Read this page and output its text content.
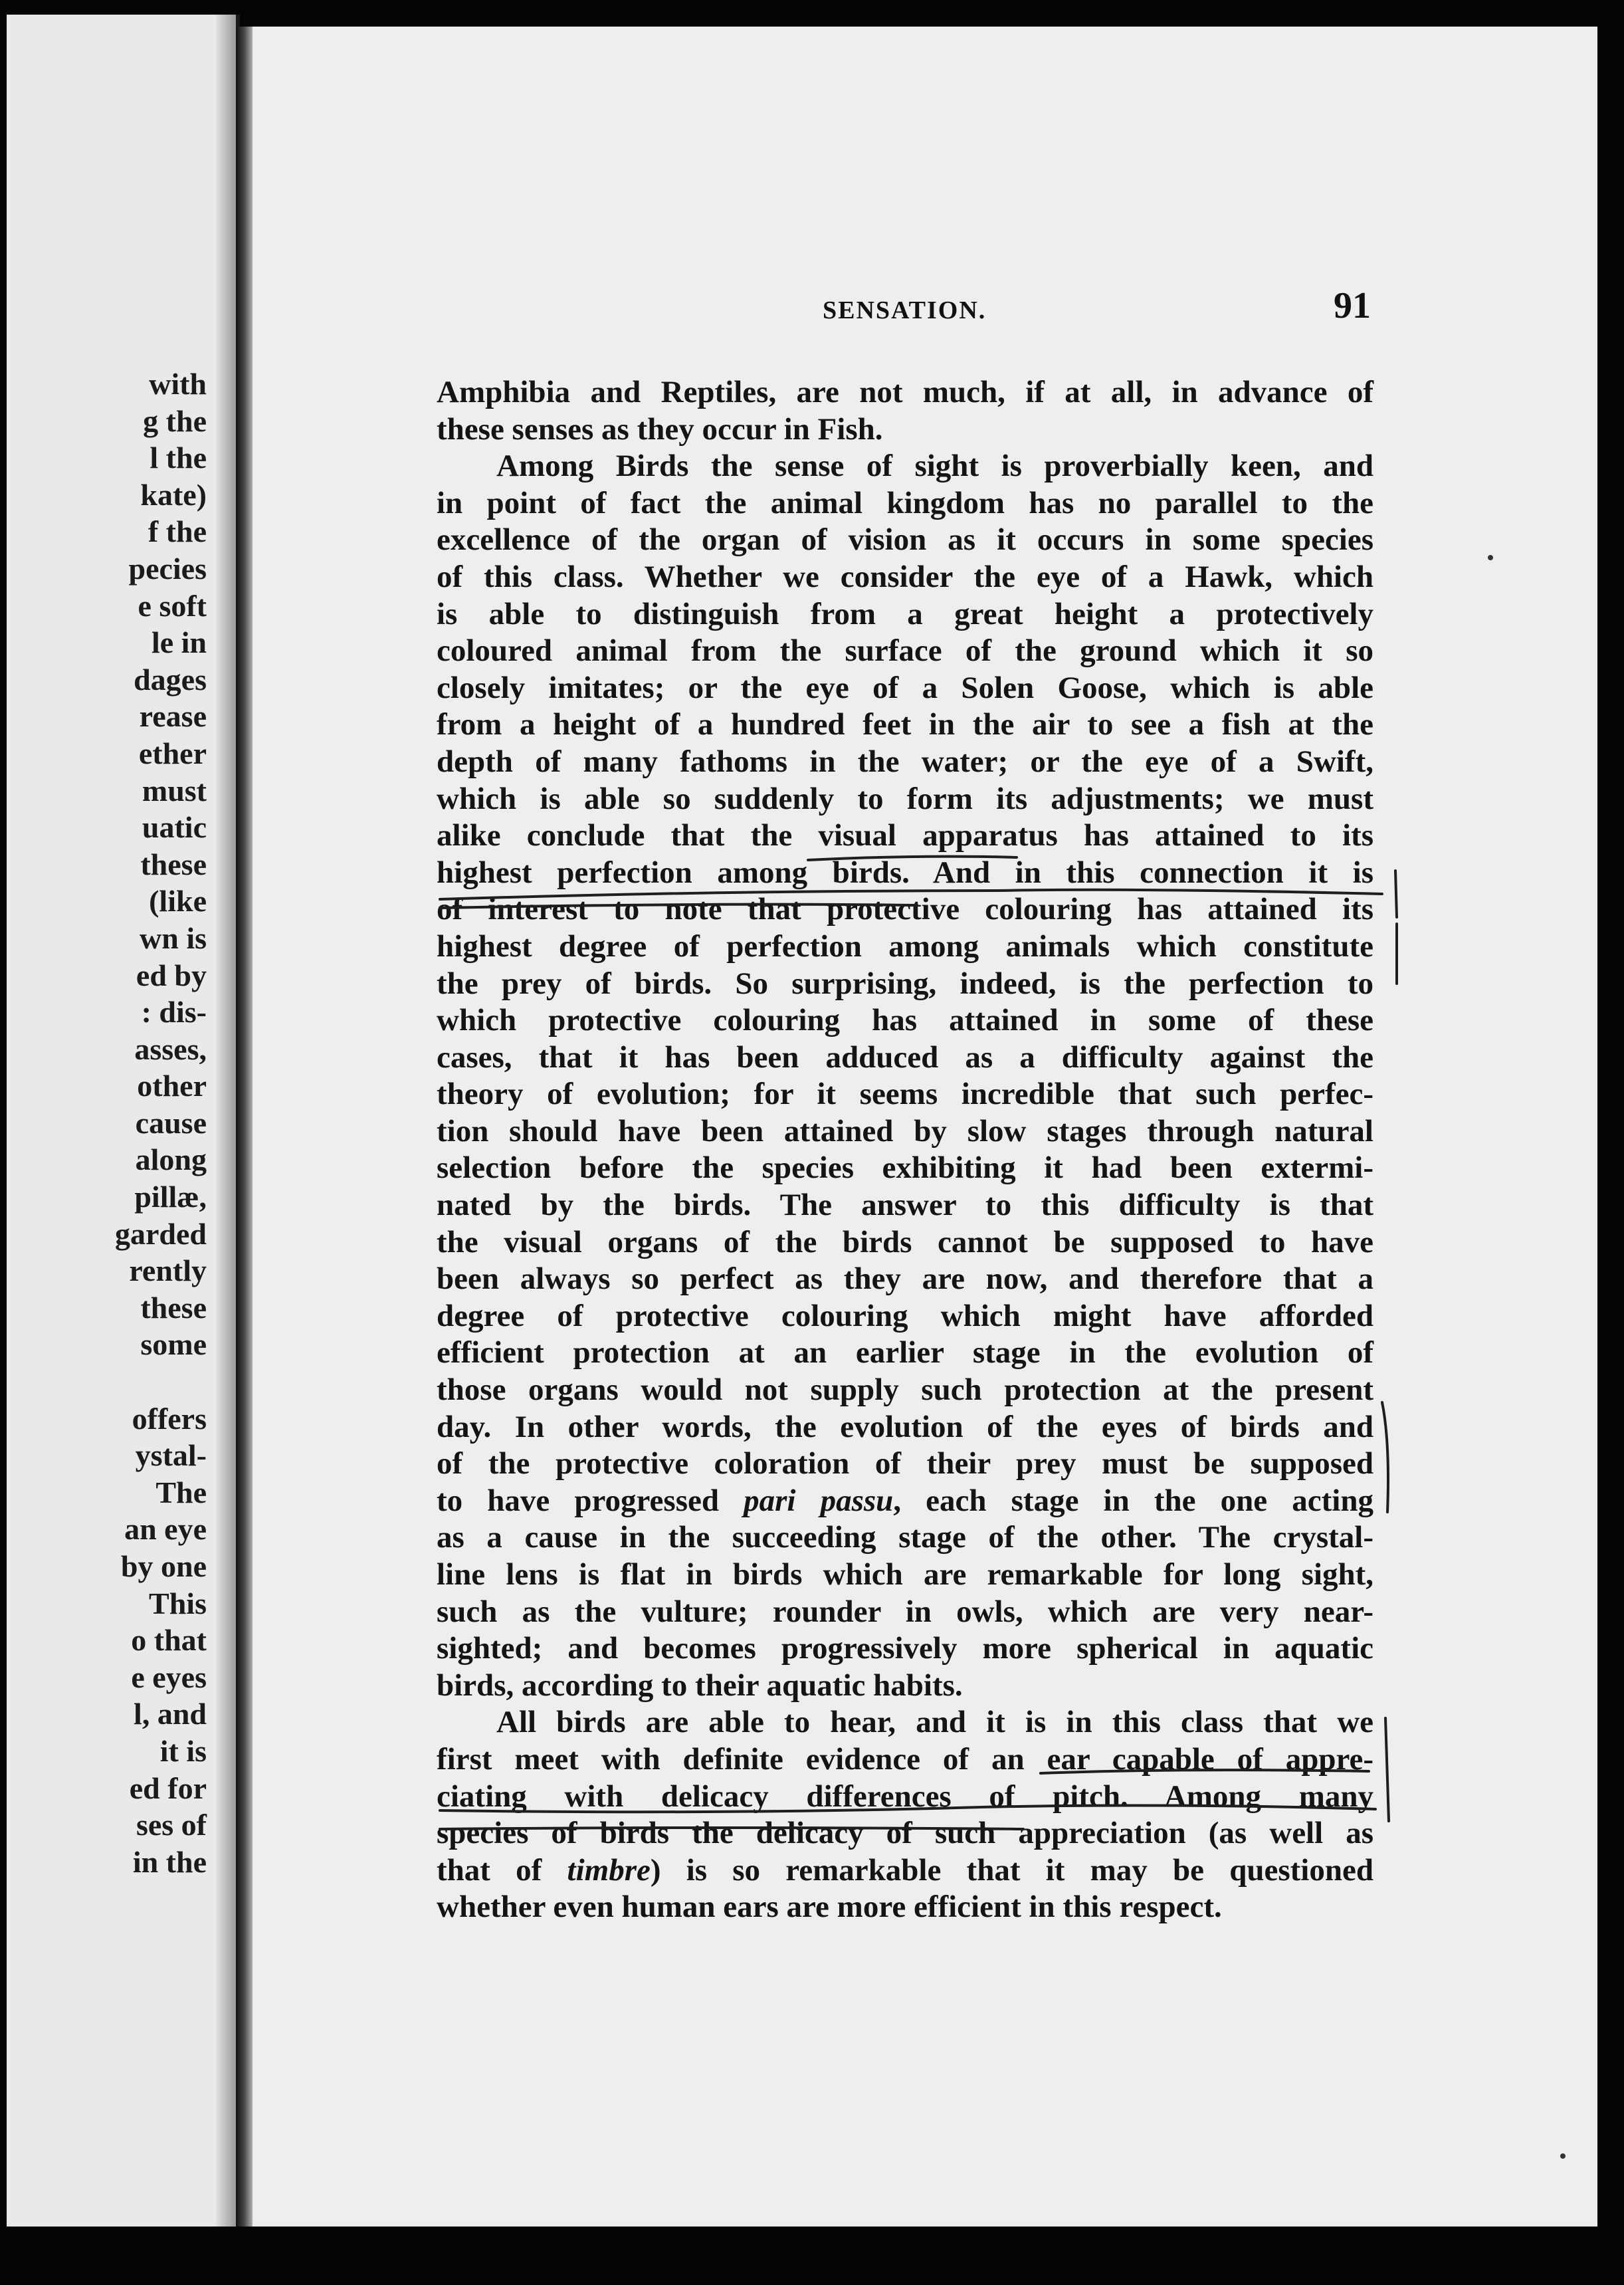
with
g the
l the
kate)
f the
pecies
e soft
le in
dages
rease
ether
must
uatic
these
(like
wn is
ed by
: dis-
asses,
other
cause
along
pillæ,
garded
rently
these
some
offers
ystal-
The
an eye
by one
This
o that
e eyes
l, and
it is
ed for
ses of
in the
SENSATION.	91
Amphibia and Reptiles, are not much, if at all, in advance of
these senses as they occur in Fish.
Among Birds the sense of sight is proverbially keen, and
in point of fact the animal kingdom has no parallel to the
excellence of the organ of vision as it occurs in some species
of this class. Whether we consider the eye of a Hawk, which
is able to distinguish from a great height a protectively
coloured animal from the surface of the ground which it so
closely imitates; or the eye of a Solen Goose, which is able
from a height of a hundred feet in the air to see a fish at the
depth of many fathoms in the water; or the eye of a Swift,
which is able so suddenly to form its adjustments; we must
alike conclude that the visual apparatus has attained to its
highest perfection among birds. And in this connection it is
of interest to note that protective colouring has attained its
highest degree of perfection among animals which constitute
the prey of birds. So surprising, indeed, is the perfection to
which protective colouring has attained in some of these
cases, that it has been adduced as a difficulty against the
theory of evolution; for it seems incredible that such perfec-
tion should have been attained by slow stages through natural
selection before the species exhibiting it had been extermi-
nated by the birds. The answer to this difficulty is that
the visual organs of the birds cannot be supposed to have
been always so perfect as they are now, and therefore that a
degree of protective colouring which might have afforded
efficient protection at an earlier stage in the evolution of
those organs would not supply such protection at the present
day. In other words, the evolution of the eyes of birds and
of the protective coloration of their prey must be supposed
to have progressed pari passu, each stage in the one acting
as a cause in the succeeding stage of the other. The crystal-
line lens is flat in birds which are remarkable for long sight,
such as the vulture; rounder in owls, which are very near-
sighted; and becomes progressively more spherical in aquatic
birds, according to their aquatic habits.
All birds are able to hear, and it is in this class that we
first meet with definite evidence of an ear capable of appre-
ciating with delicacy differences of pitch. Among many
species of birds the delicacy of such appreciation (as well as
that of timbre) is so remarkable that it may be questioned
whether even human ears are more efficient in this respect.
